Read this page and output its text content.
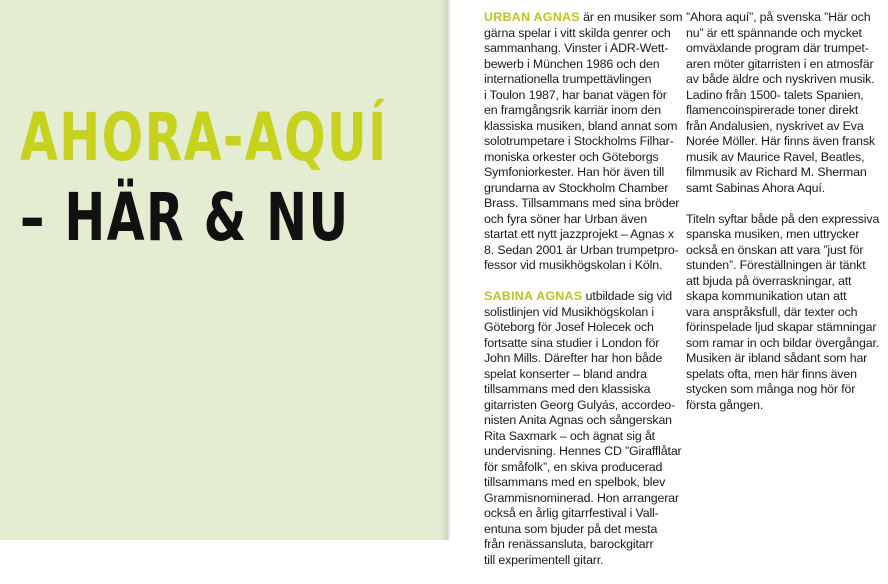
AHORA-AQUÍ
– HÄR & NU

URBAN AGNAS är en musiker som
gärna spelar i vitt skilda genrer och
sammanhang. Vinster i ADR-Wett-
bewerb i München 1986 och den
internationella trumpettävlingen
i Toulon 1987, har banat vägen för
en framgångsrik karriär inom den
klassiska musiken, bland annat som
solotrumpetare i Stockholms Filhar-
moniska orkester och Göteborgs
Symfoniorkester. Han hör även till
grundarna av Stockholm Chamber
Brass. Tillsammans med sina bröder
och fyra söner har Urban även
startat ett nytt jazzprojekt – Agnas x
8. Sedan 2001 är Urban trumpetpro-
fessor vid musikhögskolan i Köln.

SABINA AGNAS utbildade sig vid
solistlinjen vid Musikhögskolan i
Göteborg för Josef Holecek och
fortsatte sina studier i London för
John Mills. Därefter har hon både
spelat konserter – bland andra
tillsammans med den klassiska
gitarristen Georg Gulyás, accordeo-
nisten Anita Agnas och sångerskan
Rita Saxmark – och ägnat sig åt
undervisning. Hennes CD ”Girafflåtar
för småfolk”, en skiva producerad
tillsammans med en spelbok, blev
Grammisnominerad. Hon arrangerar
också en årlig gitarrfestival i Vall-
entuna som bjuder på det mesta
från renässansluta, barockgitarr
till experimentell gitarr.

”Ahora aquí”, på svenska ”Här och
nu” är ett spännande och mycket
omväxlande program där trumpet-
aren möter gitarristen i en atmosfär
av både äldre och nyskriven musik.
Ladino från 1500- talets Spanien,
flamencoinspirerade toner direkt
från Andalusien, nyskrivet av Eva
Norée Möller. Här finns även fransk
musik av Maurice Ravel, Beatles,
filmmusik av Richard M. Sherman
samt Sabinas Ahora Aquí.

Titeln syftar både på den expressiva
spanska musiken, men uttrycker
också en önskan att vara ”just för
stunden”. Föreställningen är tänkt
att bjuda på överraskningar, att
skapa kommunikation utan att
vara anspråksfull, där texter och
förinspelade ljud skapar stämningar
som ramar in och bildar övergångar.
Musiken är ibland sådant som har
spelats ofta, men här finns även
stycken som många nog hör för
första gången.
